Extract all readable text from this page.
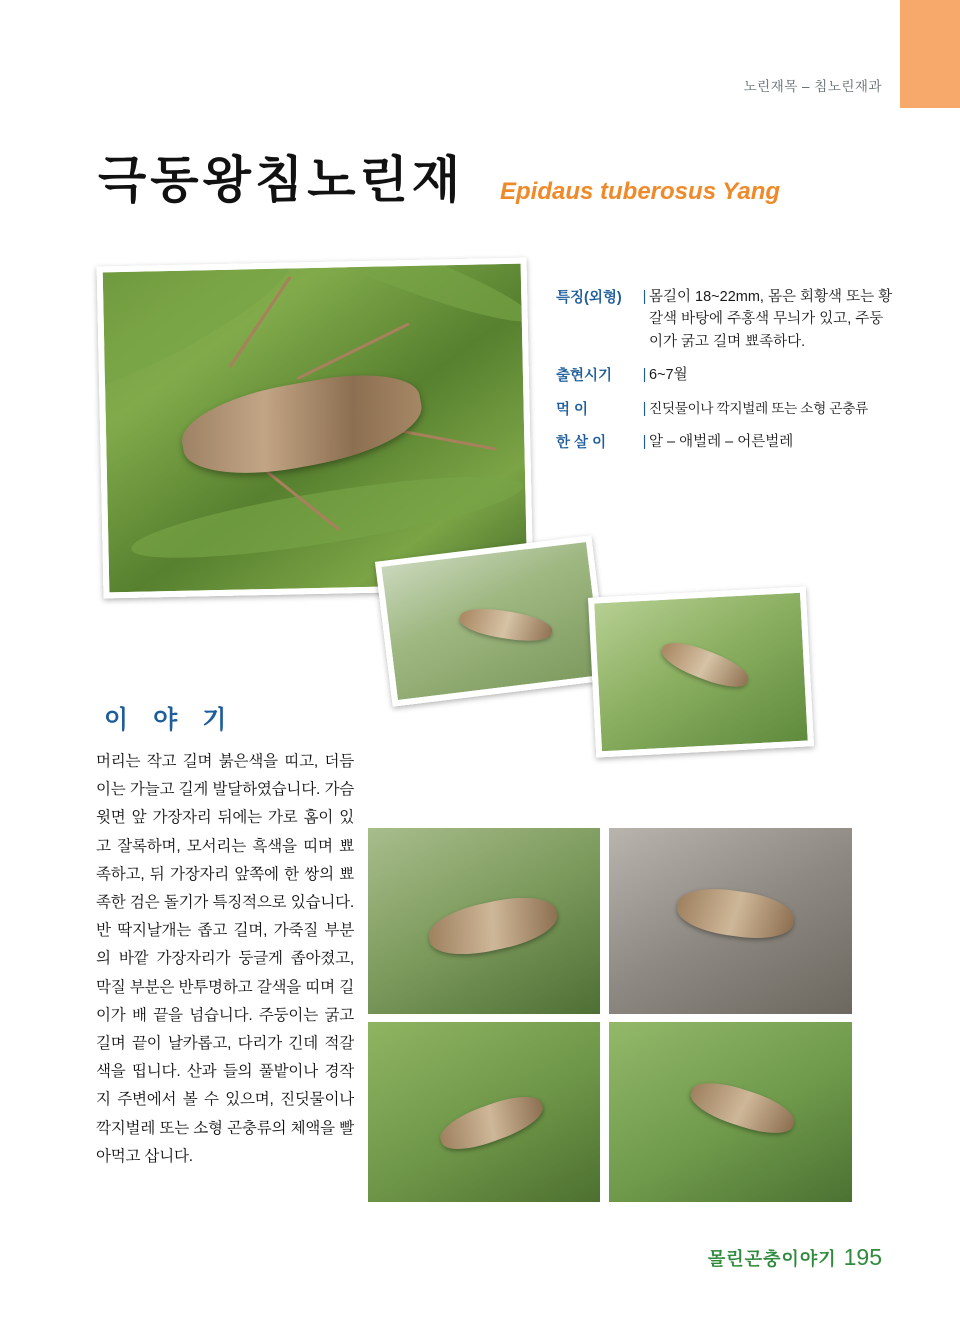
노린재목 – 침노린재과
극동왕침노린재 Epidaus tuberosus Yang
특징(외형)	| 몸길이 18~22mm, 몸은 회황색 또는 황갈색 바탕에 주홍색 무늬가 있고, 주둥이가 굵고 길며 뾰족하다.
출현시기	| 6~7월
먹 이	| 진딧물이나 깍지벌레 또는 소형 곤충류
한 살 이	| 알 – 애벌레 – 어른벌레
이 야 기
머리는 작고 길며 붉은색을 띠고, 더듬이는 가늘고 길게 발달하였습니다. 가슴 윗면 앞 가장자리 뒤에는 가로 홈이 있고 잘록하며, 모서리는 흑색을 띠며 뾰족하고, 뒤 가장자리 앞쪽에 한 쌍의 뾰족한 검은 돌기가 특징적으로 있습니다. 반 딱지날개는 좁고 길며, 가죽질 부분의 바깥 가장자리가 둥글게 좁아졌고, 막질 부분은 반투명하고 갈색을 띠며 길이가 배 끝을 넘습니다. 주둥이는 굵고 길며 끝이 날카롭고, 다리가 긴데 적갈색을 띱니다. 산과 들의 풀밭이나 경작지 주변에서 볼 수 있으며, 진딧물이나 깍지벌레 또는 소형 곤충류의 체액을 빨아먹고 삽니다.
몰린곤충이야기 195
